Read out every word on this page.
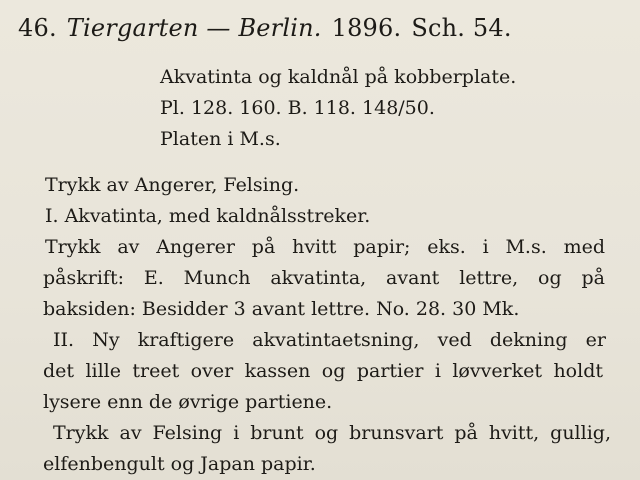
46. Tiergarten — Berlin. 1896. Sch. 54.
Akvatinta og kaldnål på kobberplate.
Pl. 128. 160. B. 118. 148/50.
Platen i M.s.
Trykk av Angerer, Felsing.
I. Akvatinta, med kaldnålsstreker.
Trykk av Angerer på hvitt papir; eks. i M.s. med
påskrift: E. Munch akvatinta, avant lettre, og på
baksiden: Besidder 3 avant lettre. No. 28. 30 Mk.
II. Ny kraftigere akvatintaetsning, ved dekning er
det lille treet over kassen og partier i løvverket holdt
lysere enn de øvrige partiene.
Trykk av Felsing i brunt og brunsvart på hvitt, gullig,
elfenbengult og Japan papir.
